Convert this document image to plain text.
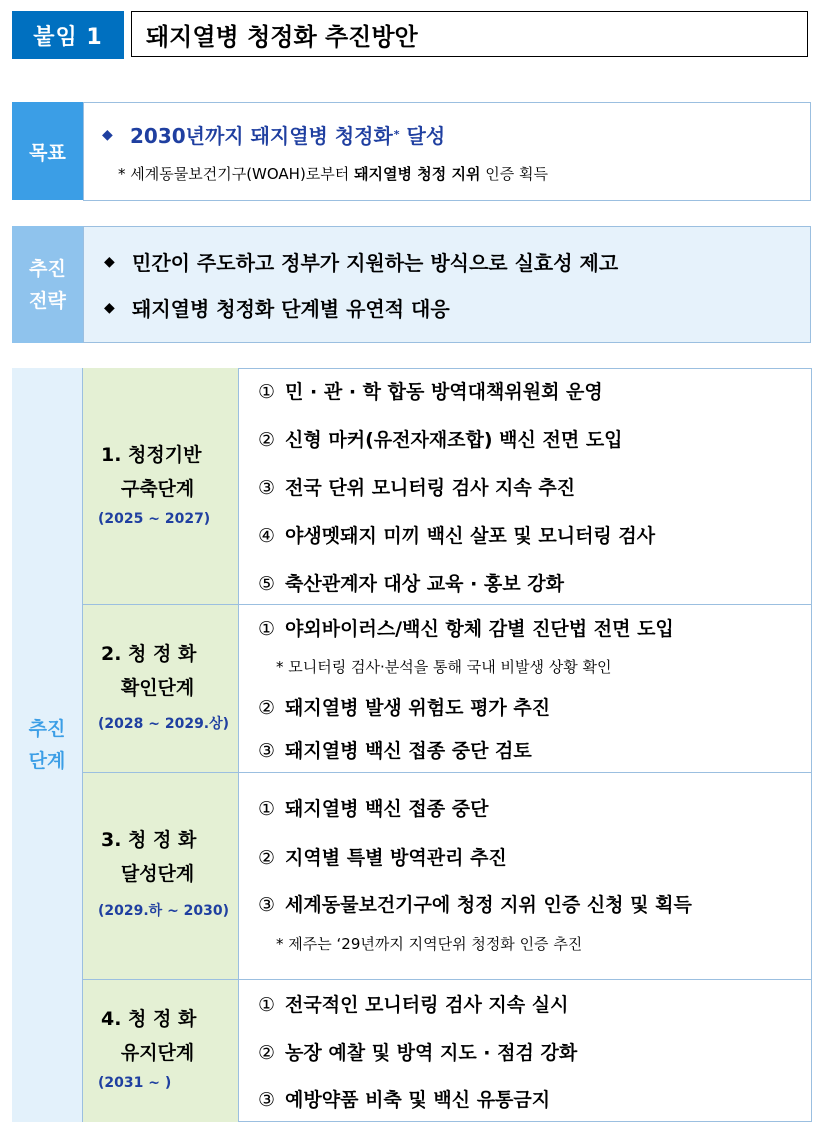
붙임 1	돼지열병 청정화 추진방안
목표
◆ 2030년까지 돼지열병 청정화 *
달성
* 세계동물보건기구(WOAH)로부터 돼지열병 청정 지위 인증 획득
추진
전략
◆ 민간이 주도하고 정부가 지원하는 방식으로 실효성 제고
◆ 돼지열병 청정화 단계별 유연적 대응
추진
단계
1. 청정기반
구축단계
(2025 ~ 2027)
① 민 · 관 · 학 합동 방역대책위원회 운영
② 신형 마커(유전자재조합) 백신 전면 도입
③ 전국 단위 모니터링 검사 지속 추진
④ 야생멧돼지 미끼 백신 살포 및 모니터링 검사
⑤ 축산관계자 대상 교육 · 홍보 강화
2. 청 정 화
확인단계
(2028 ~ 2029.상)
① 야외바이러스/백신 항체 감별 진단법 전면 도입
* 모니터링 검사·분석을 통해 국내 비발생 상황 확인
② 돼지열병 발생 위험도 평가 추진
③ 돼지열병 백신 접종 중단 검토
3. 청 정 화
달성단계
(2029.하 ~ 2030)
① 돼지열병 백신 접종 중단
② 지역별 특별 방역관리 추진
③ 세계동물보건기구에 청정 지위 인증 신청 및 획득
* 제주는 ‘29년까지 지역단위 청정화 인증 추진
4. 청 정 화
유지단계
(2031 ~ )
① 전국적인 모니터링 검사 지속 실시
② 농장 예찰 및 방역 지도 · 점검 강화
③ 예방약품 비축 및 백신 유통금지
